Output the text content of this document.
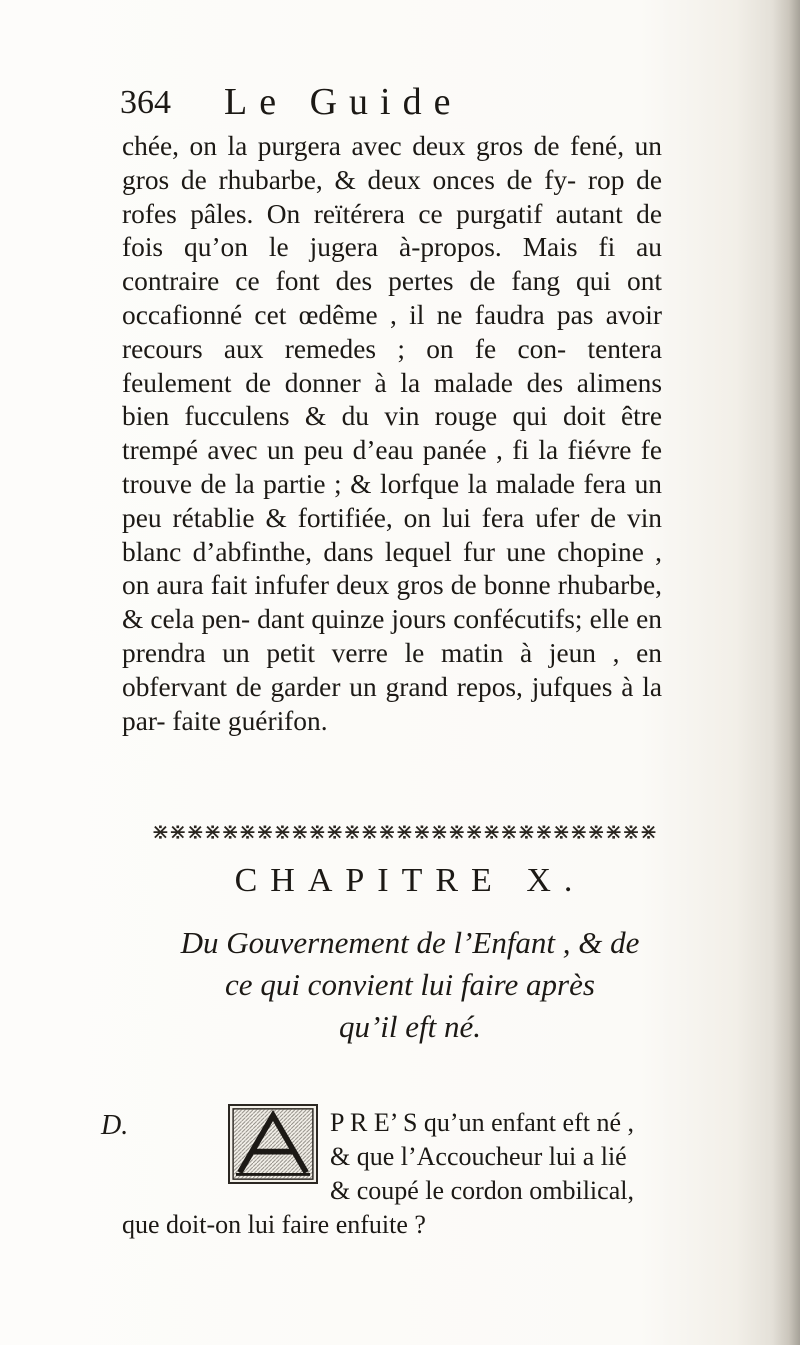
364 Le Guide

chée, on la purgera avec deux gros de fené, un gros de rhubarbe, & deux onces de fy- rop de rofes pâles. On reïtérera ce purgatif autant de fois qu’on le jugera à-propos. Mais fi au contraire ce font des pertes de fang qui ont occafionné cet œdême , il ne faudra pas avoir recours aux remedes ; on fe con- tentera feulement de donner à la malade des alimens bien fucculens & du vin rouge qui doit être trempé avec un peu d’eau panée , fi la fiévre fe trouve de la partie ; & lorfque la malade fera un peu rétablie & fortifiée, on lui fera ufer de vin blanc d’abfinthe, dans lequel fur une chopine , on aura fait infufer deux gros de bonne rhubarbe, & cela pen- dant quinze jours confécutifs; elle en prendra un petit verre le matin à jeun , en obfervant de garder un grand repos, jufques à la par- faite guérifon.

⋇⋇⋇⋇⋇⋇⋇⋇⋇⋇⋇⋇⋇⋇⋇⋇⋇⋇⋇⋇⋇⋇⋇⋇⋇⋇⋇⋇⋇
CHAPITRE X.
Du Gouvernement de l’Enfant , & de
ce qui convient lui faire après
qu’il eft né.
D.	P R E’ S qu’un enfant eft né ,
& que l’Accoucheur lui a lié
& coupé le cordon ombilical,
que doit-on lui faire enfuite ?
